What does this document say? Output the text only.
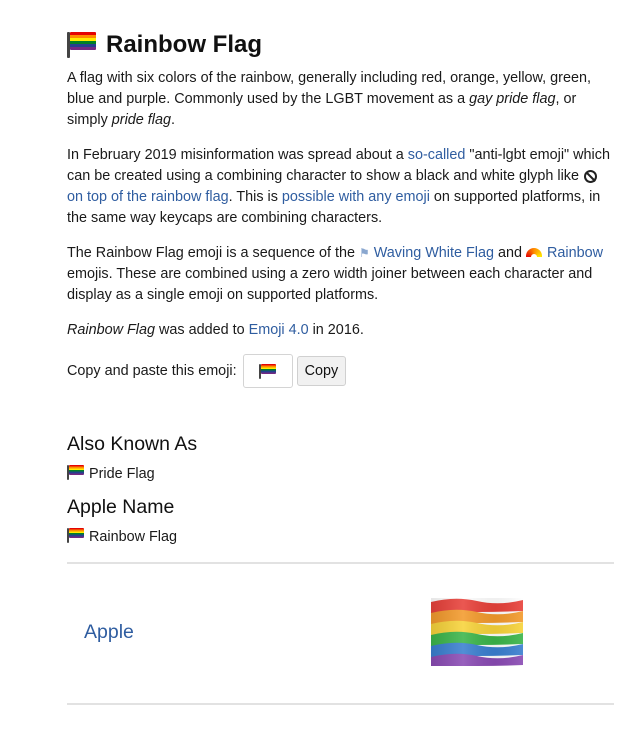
Rainbow Flag

A flag with six colors of the rainbow, generally including red, orange, yellow, green, blue and purple. Commonly used by the LGBT movement as a gay pride flag, or simply pride flag.

In February 2019 misinformation was spread about a so-called "anti-lgbt emoji" which can be created using a combining character to show a black and white glyph like  on top of the rainbow flag. This is possible with any emoji on supported platforms, in the same way keycaps are combining characters.

The Rainbow Flag emoji is a sequence of the ⚑ Waving White Flag and Rainbow emojis. These are combined using a zero width joiner between each character and display as a single emoji on supported platforms.

Rainbow Flag was added to Emoji 4.0 in 2016.

Copy and paste this emoji:	Copy
Also Known As
Pride Flag
Apple Name
Rainbow Flag
Apple
